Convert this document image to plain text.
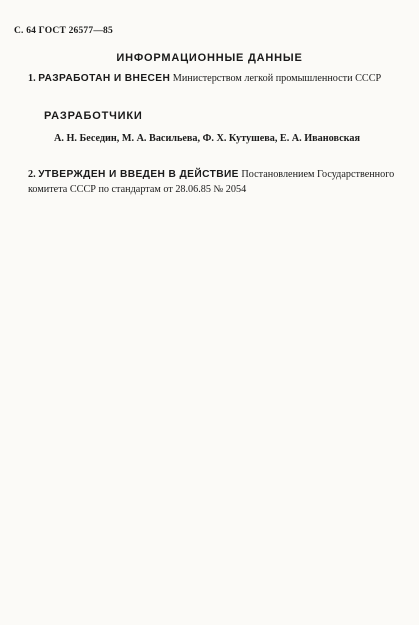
С. 64 ГОСТ 26577—85
ИНФОРМАЦИОННЫЕ ДАННЫЕ
1. РАЗРАБОТАН И ВНЕСЕН Министерством легкой промышленности СССР
РАЗРАБОТЧИКИ
А. Н. Беседин, М. А. Васильева, Ф. Х. Кутушева, Е. А. Ивановская
2. УТВЕРЖДЕН И ВВЕДЕН В ДЕЙСТВИЕ Постановлением Государственного комитета СССР по стандартам от 28.06.85 № 2054
